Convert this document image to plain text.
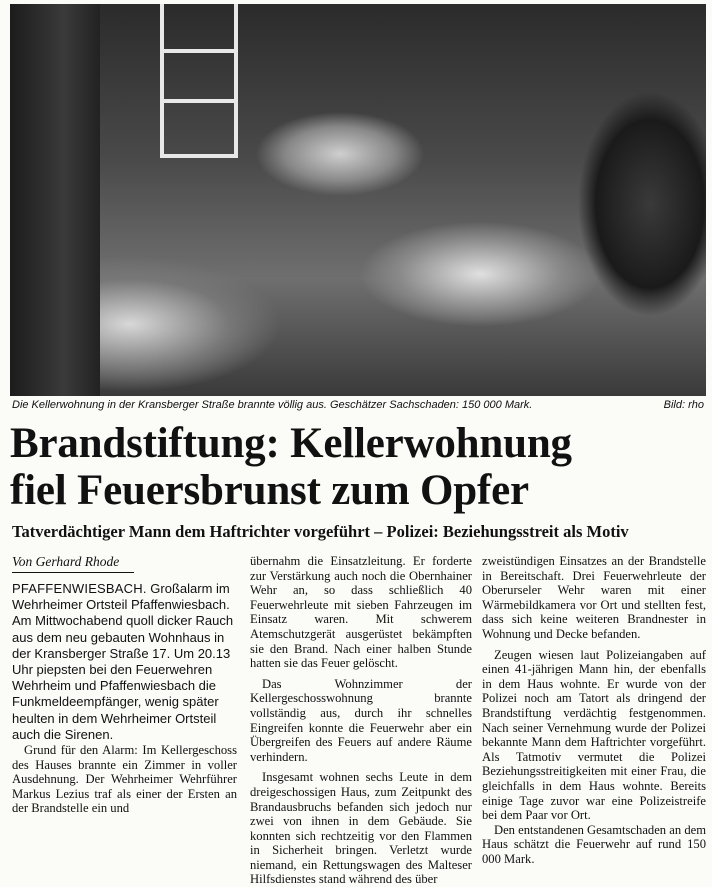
Die Kellerwohnung in der Kransberger Straße brannte völlig aus. Geschätzer Sachschaden: 150 000 Mark.	Bild: rho
Brandstiftung: Kellerwohnung
fiel Feuersbrunst zum Opfer
Tatverdächtiger Mann dem Haftrichter vorgeführt – Polizei: Beziehungsstreit als Motiv
Von Gerhard Rhode

PFAFFENWIESBACH. Großalarm im Wehrheimer Ortsteil Pfaffenwiesbach. Am Mittwochabend quoll dicker Rauch aus dem neu gebauten Wohnhaus in der Kransberger Straße 17. Um 20.13 Uhr piepsten bei den Feuerwehren Wehrheim und Pfaffenwiesbach die Funkmeldeempfänger, wenig später heulten in dem Wehrheimer Ortsteil auch die Sirenen.

Grund für den Alarm: Im Kellergeschoss des Hauses brannte ein Zimmer in voller Ausdehnung. Der Wehrheimer Wehrführer Markus Lezius traf als einer der Ersten an der Brandstelle ein und

übernahm die Einsatzleitung. Er forderte zur Verstärkung auch noch die Obernhainer Wehr an, so dass schließlich 40 Feuerwehrleute mit sieben Fahrzeugen im Einsatz waren. Mit schwerem Atemschutzgerät ausgerüstet bekämpften sie den Brand. Nach einer halben Stunde hatten sie das Feuer gelöscht.

Das Wohnzimmer der Kellergeschosswohnung brannte vollständig aus, durch ihr schnelles Eingreifen konnte die Feuerwehr aber ein Übergreifen des Feuers auf andere Räume verhindern.

Insgesamt wohnen sechs Leute in dem dreigeschossigen Haus, zum Zeitpunkt des Brandausbruchs befanden sich jedoch nur zwei von ihnen in dem Gebäude. Sie konnten sich rechtzeitig vor den Flammen in Sicherheit bringen. Verletzt wurde niemand, ein Rettungswagen des Malteser Hilfsdienstes stand während des über

zweistündigen Einsatzes an der Brandstelle in Bereitschaft. Drei Feuerwehrleute der Oberurseler Wehr waren mit einer Wärmebildkamera vor Ort und stellten fest, dass sich keine weiteren Brandnester in Wohnung und Decke befanden.

Zeugen wiesen laut Polizeiangaben auf einen 41-jährigen Mann hin, der ebenfalls in dem Haus wohnte. Er wurde von der Polizei noch am Tatort als dringend der Brandstiftung verdächtig festgenommen. Nach seiner Vernehmung wurde der Polizei bekannte Mann dem Haftrichter vorgeführt. Als Tatmotiv vermutet die Polizei Beziehungsstreitigkeiten mit einer Frau, die gleichfalls in dem Haus wohnte. Bereits einige Tage zuvor war eine Polizeistreife bei dem Paar vor Ort.

Den entstandenen Gesamtschaden an dem Haus schätzt die Feuerwehr auf rund 150 000 Mark.
